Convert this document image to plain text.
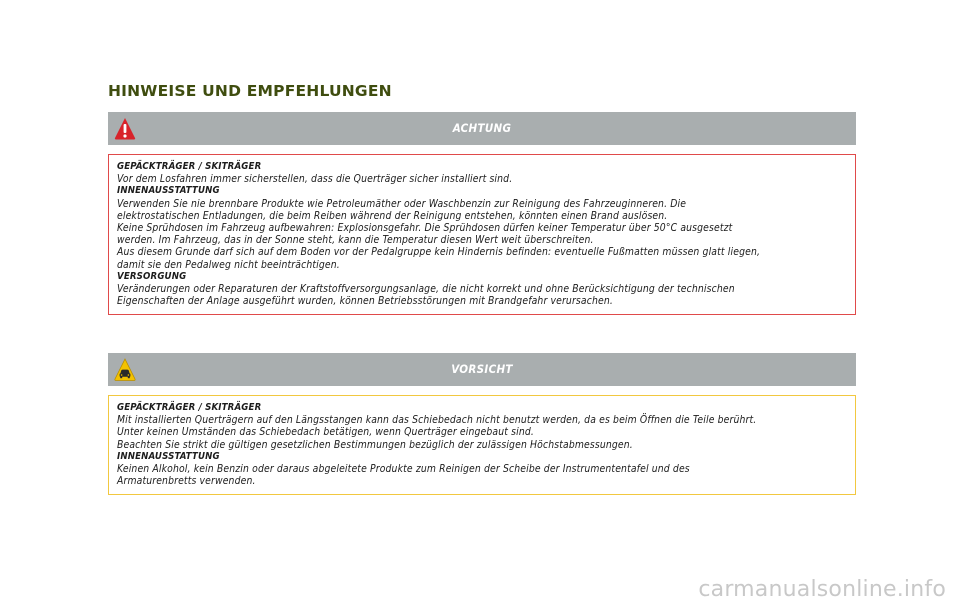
HINWEISE UND EMPFEHLUNGEN
ACHTUNG
GEPÄCKTRÄGER / SKITRÄGER
Vor dem Losfahren immer sicherstellen, dass die Querträger sicher installiert sind.
INNENAUSSTATTUNG
Verwenden Sie nie brennbare Produkte wie Petroleumäther oder Waschbenzin zur Reinigung des Fahrzeuginneren. Die
elektrostatischen Entladungen, die beim Reiben während der Reinigung entstehen, könnten einen Brand auslösen.
Keine Sprühdosen im Fahrzeug aufbewahren: Explosionsgefahr. Die Sprühdosen dürfen keiner Temperatur über 50°C ausgesetzt
werden. Im Fahrzeug, das in der Sonne steht, kann die Temperatur diesen Wert weit überschreiten.
Aus diesem Grunde darf sich auf dem Boden vor der Pedalgruppe kein Hindernis befinden: eventuelle Fußmatten müssen glatt liegen,
damit sie den Pedalweg nicht beeinträchtigen.
VERSORGUNG
Veränderungen oder Reparaturen der Kraftstoffversorgungsanlage, die nicht korrekt und ohne Berücksichtigung der technischen
Eigenschaften der Anlage ausgeführt wurden, können Betriebsstörungen mit Brandgefahr verursachen.
VORSICHT
GEPÄCKTRÄGER / SKITRÄGER
Mit installierten Querträgern auf den Längsstangen kann das Schiebedach nicht benutzt werden, da es beim Öffnen die Teile berührt.
Unter keinen Umständen das Schiebedach betätigen, wenn Querträger eingebaut sind.
Beachten Sie strikt die gültigen gesetzlichen Bestimmungen bezüglich der zulässigen Höchstabmessungen.
INNENAUSSTATTUNG
Keinen Alkohol, kein Benzin oder daraus abgeleitete Produkte zum Reinigen der Scheibe der Instrumententafel und des
Armaturenbretts verwenden.
carmanualsonline.info
